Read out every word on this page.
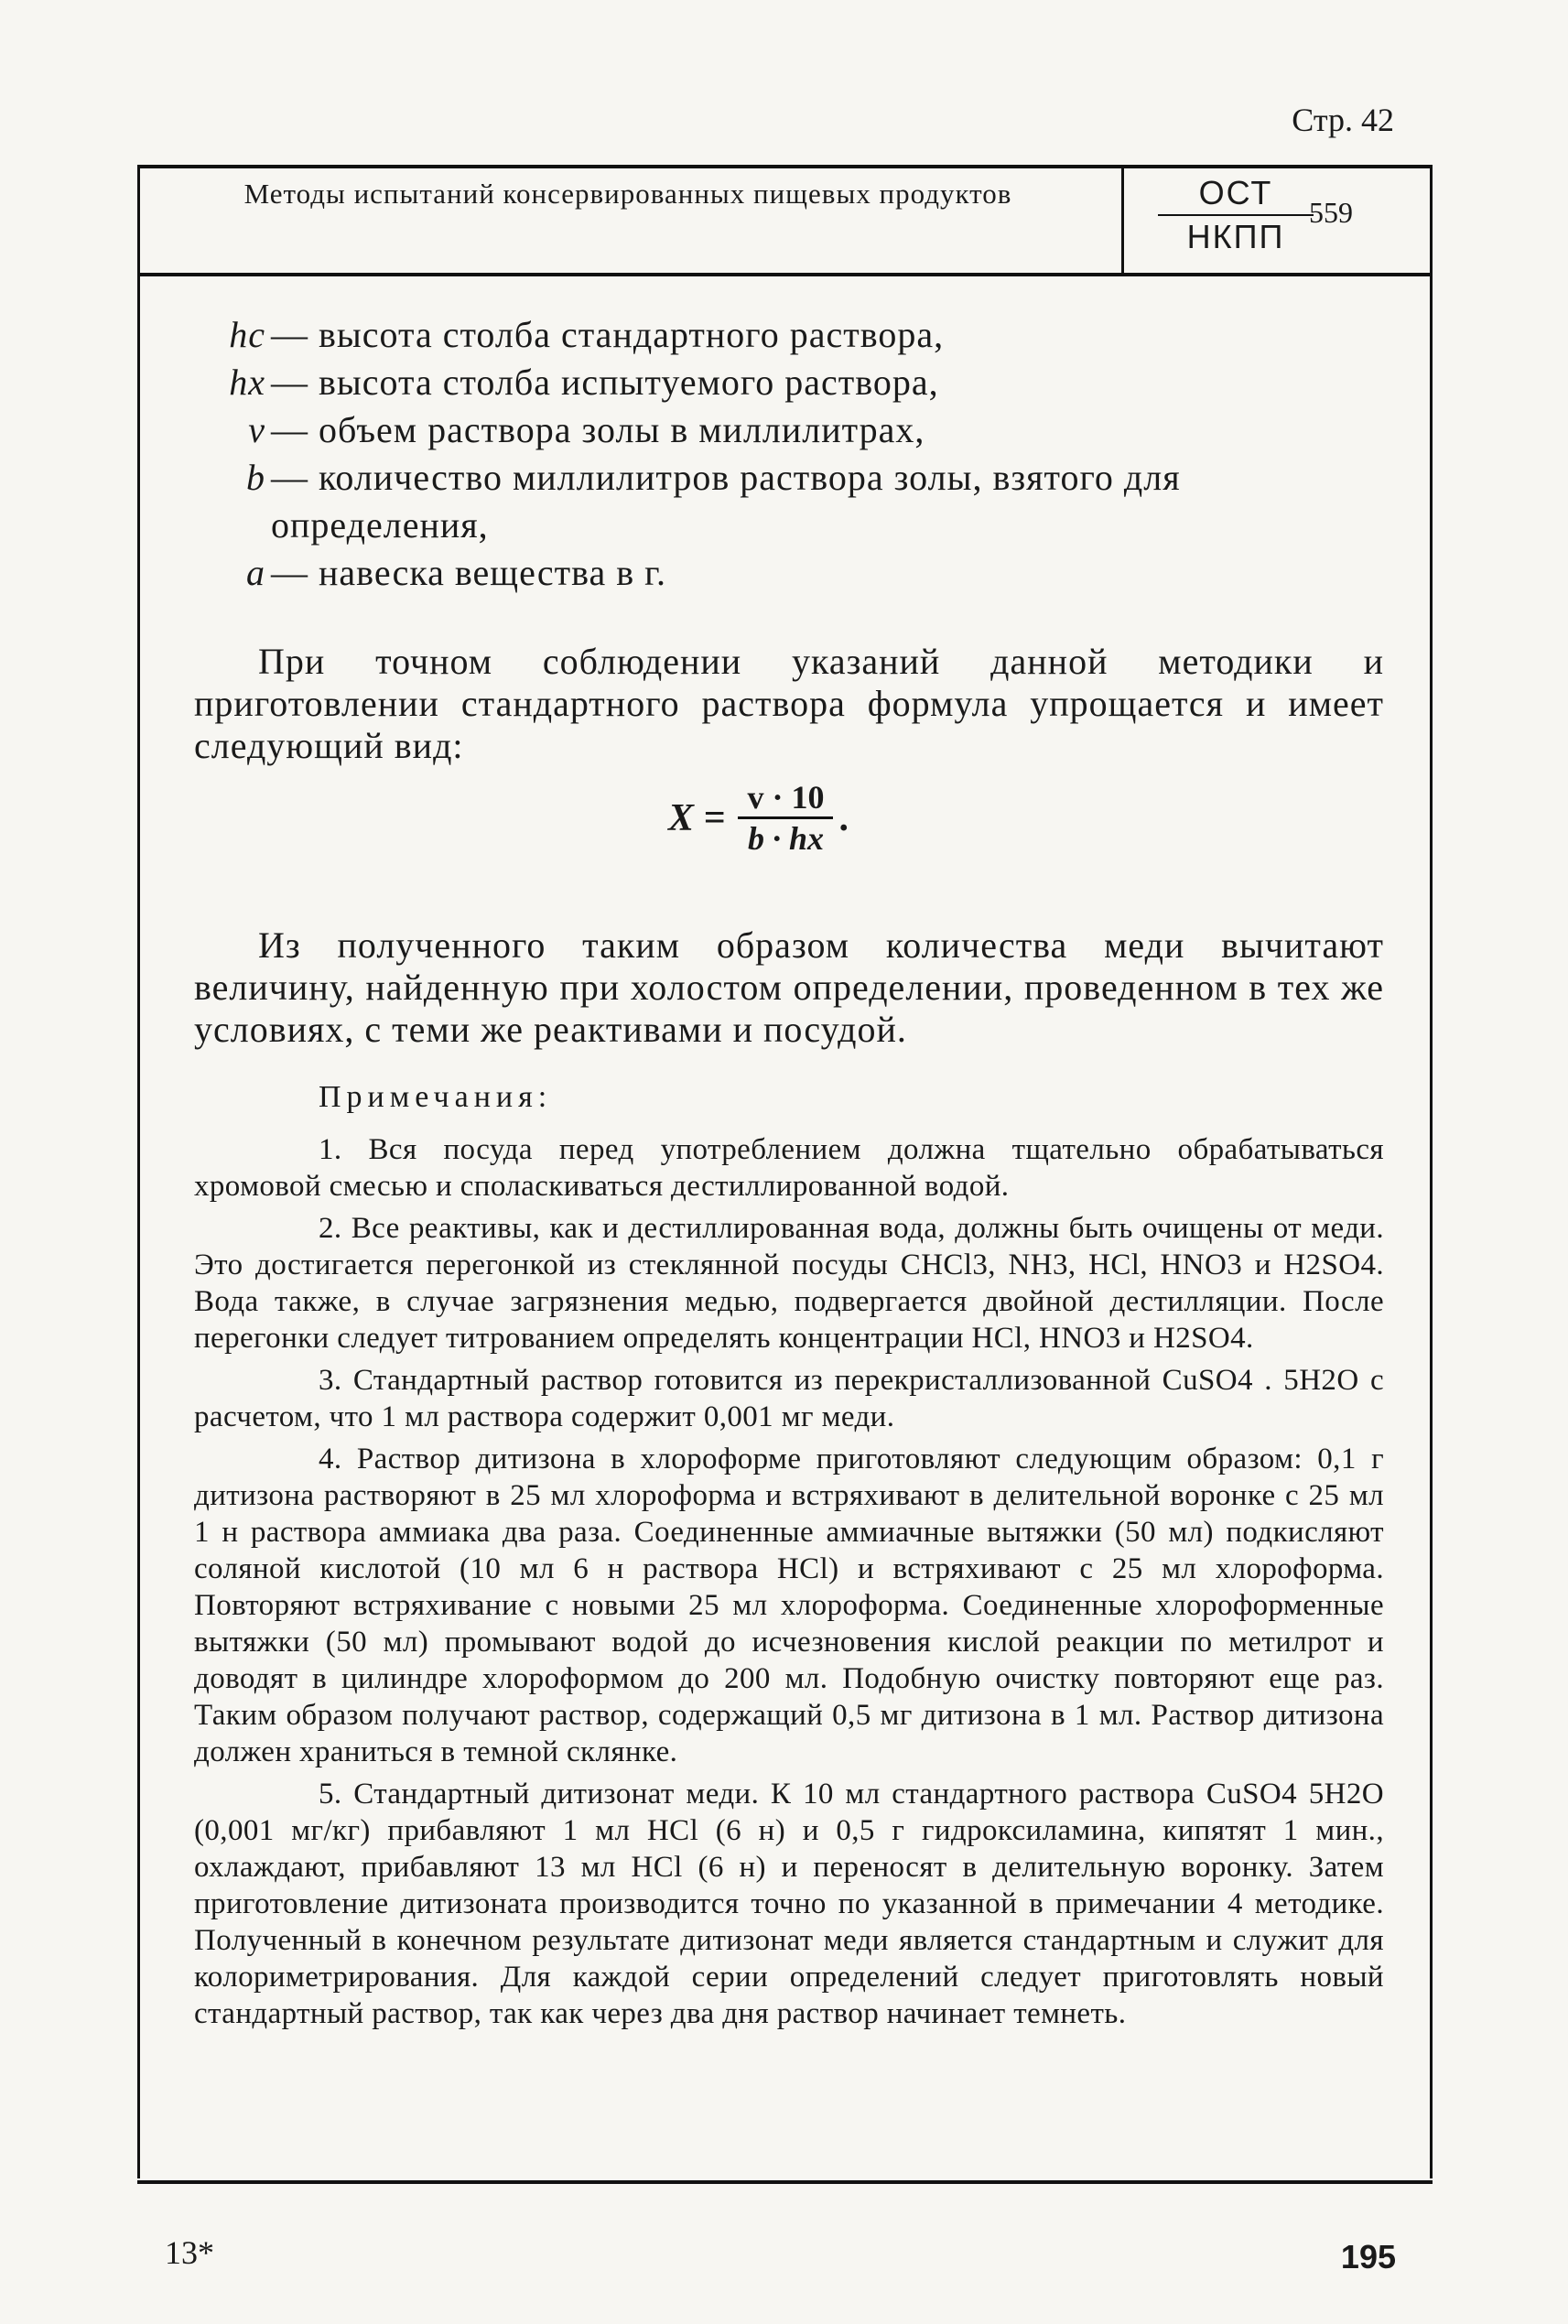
Стр. 42
Методы испытаний консервированных пищевых продуктов	ОСТ
НКПП
559
hc — высота столба стандартного раствора,
hx — высота столба испытуемого раствора,
v — объем раствора золы в миллилитрах,
b — количество миллилитров раствора золы, взятого для определения,
a — навеска вещества в г.
При точном соблюдении указаний данной методики и приготовлении стандартного раствора формула упрощается и имеет следующий вид:
$X = \frac{v \cdot 10}{b \cdot hx}$ .
Из полученного таким образом количества меди вычитают величину, найденную при холостом определении, проведенном в тех же условиях, с теми же реактивами и посудой.
Примечания:
1. Вся посуда перед употреблением должна тщательно обрабатываться хромовой смесью и споласкиваться дестиллированной водой.
2. Все реактивы, как и дестиллированная вода, должны быть очищены от меди. Это достигается перегонкой из стеклянной посуды CHCl3, NH3, HCl, HNO3 и H2SO4. Вода также, в случае загрязнения медью, подвергается двойной дестилляции. После перегонки следует титрованием определять концентрации HCl, HNO3 и H2SO4.
3. Стандартный раствор готовится из перекристаллизованной CuSO4 . 5H2O с расчетом, что 1 мл раствора содержит 0,001 мг меди.
4. Раствор дитизона в хлороформе приготовляют следующим образом: 0,1 г дитизона растворяют в 25 мл хлороформа и встряхивают в делительной воронке с 25 мл 1 н раствора аммиака два раза. Соединенные аммиачные вытяжки (50 мл) подкисляют соляной кислотой (10 мл 6 н раствора HCl) и встряхивают с 25 мл хлороформа. Повторяют встряхивание с новыми 25 мл хлороформа. Соединенные хлороформенные вытяжки (50 мл) промывают водой до исчезновения кислой реакции по метилрот и доводят в цилиндре хлороформом до 200 мл. Подобную очистку повторяют еще раз. Таким образом получают раствор, содержащий 0,5 мг дитизона в 1 мл. Раствор дитизона должен храниться в темной склянке.
5. Стандартный дитизонат меди. К 10 мл стандартного раствора CuSO4 5H2O (0,001 мг/кг) прибавляют 1 мл HCl (6 н) и 0,5 г гидроксиламина, кипятят 1 мин., охлаждают, прибавляют 13 мл HCl (6 н) и переносят в делительную воронку. Затем приготовление дитизоната производится точно по указанной в примечании 4 методике. Полученный в конечном результате дитизонат меди является стандартным и служит для колориметрирования. Для каждой серии определений следует приготовлять новый стандартный раствор, так как через два дня раствор начинает темнеть.
13*	195
